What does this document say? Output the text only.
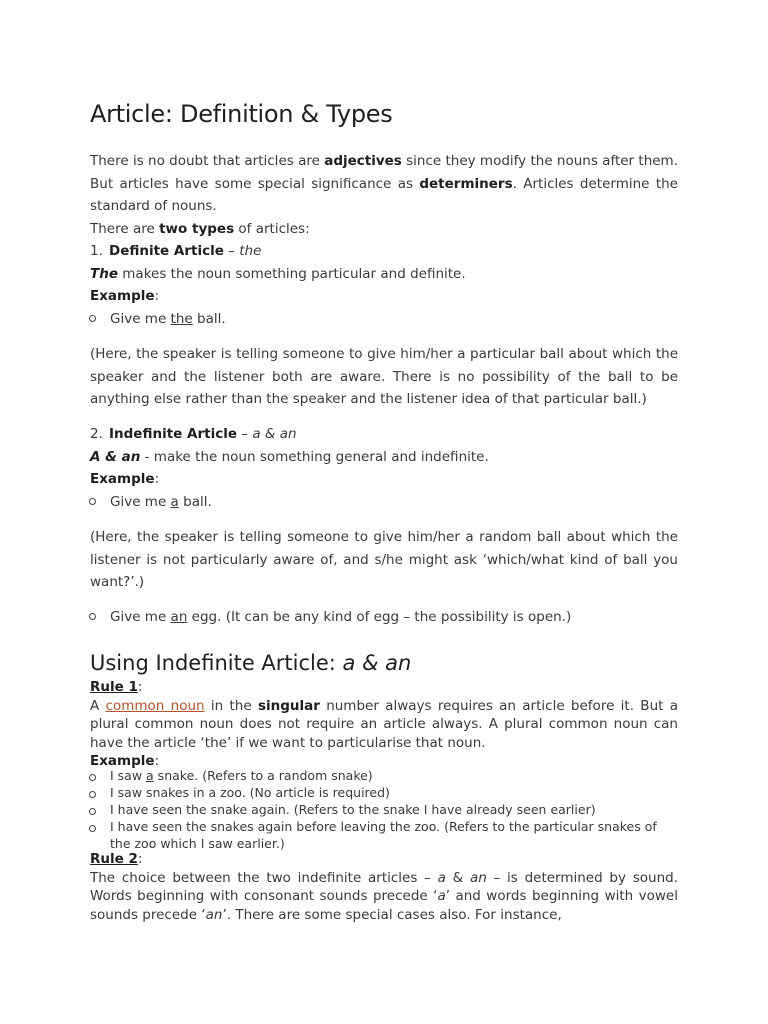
Article: Definition & Types
There is no doubt that articles are adjectives since they modify the nouns after them. But articles have some special significance as determiners. Articles determine the standard of nouns.
There are two types of articles:
1. Definite Article – the
The makes the noun something particular and definite.
Example:
Give me the ball.
(Here, the speaker is telling someone to give him/her a particular ball about which the speaker and the listener both are aware. There is no possibility of the ball to be anything else rather than the speaker and the listener idea of that particular ball.)
2. Indefinite Article – a & an
A & an - make the noun something general and indefinite.
Example:
Give me a ball.
(Here, the speaker is telling someone to give him/her a random ball about which the listener is not particularly aware of, and s/he might ask ‘which/what kind of ball you want?’.)
Give me an egg. (It can be any kind of egg – the possibility is open.)
Using Indefinite Article: a & an
Rule 1:
A common noun in the singular number always requires an article before it. But a plural common noun does not require an article always. A plural common noun can have the article ‘the’ if we want to particularise that noun.
Example:
I saw a snake. (Refers to a random snake)
I saw snakes in a zoo. (No article is required)
I have seen the snake again. (Refers to the snake I have already seen earlier)
I have seen the snakes again before leaving the zoo. (Refers to the particular snakes of the zoo which I saw earlier.)
Rule 2:
The choice between the two indefinite articles – a & an – is determined by sound. Words beginning with consonant sounds precede ‘a’ and words beginning with vowel sounds precede ‘an’. There are some special cases also. For instance,
